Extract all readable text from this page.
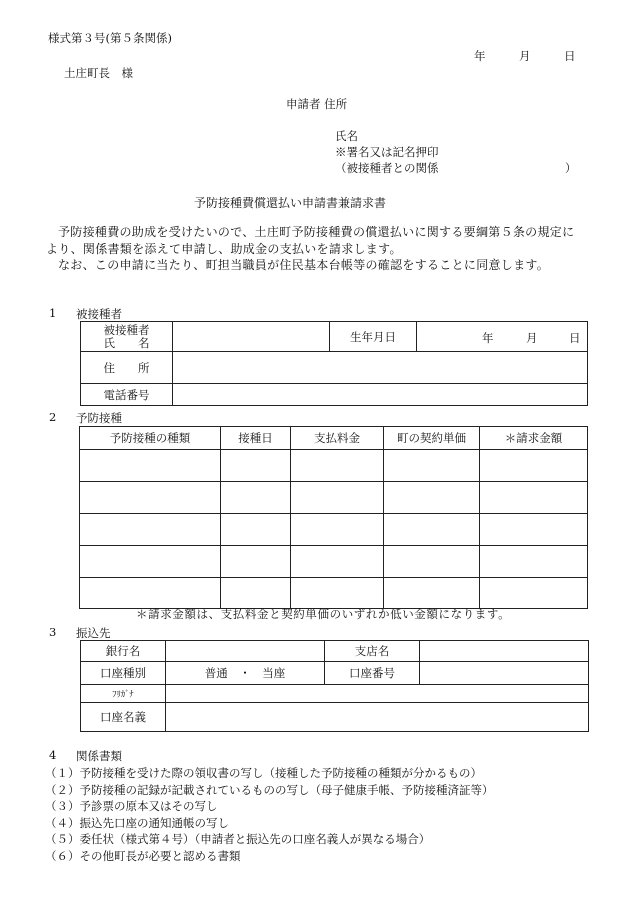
様式第３号(第５条関係)
年	月	日
土庄町長　様
申請者 住所
氏名
※署名又は記名押印
（被接種者との関係	）
予防接種費償還払い申請書兼請求書
予防接種費の助成を受けたいので、土庄町予防接種費の償還払いに関する要綱第５条の規定により、関係書類を添えて申請し、助成金の支払いを請求します。
なお、この申請に当たり、町担当職員が住民基本台帳等の確認をすることに同意します。
1 被接種者
被接種者
氏　　名		生年月日	年 月 日

住　　所			
電話番号			
2 予防接種
予防接種の種類	接種日	支払料金	町の契約単価	＊請求金額

＊請求金額は、支払料金と契約単価のいずれか低い金額になります。
3 振込先
銀行名		支店名	
口座種別	普通　・　当座	口座番号	
ﾌﾘｶﾞﾅ			
口座名義			
4 関係書類
（１）予防接種を受けた際の領収書の写し（接種した予防接種の種類が分かるもの）
（２）予防接種の記録が記載されているものの写し（母子健康手帳、予防接種済証等）
（３）予診票の原本又はその写し
（４）振込先口座の通知通帳の写し
（５）委任状（様式第４号）（申請者と振込先の口座名義人が異なる場合）
（６）その他町長が必要と認める書類
